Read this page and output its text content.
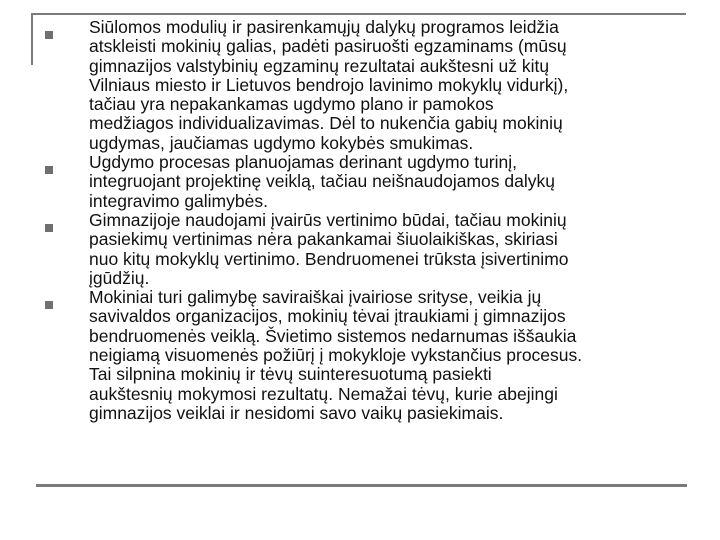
Siūlomos modulių ir pasirenkamųjų dalykų programos leidžia
atskleisti mokinių galias, padėti pasiruošti egzaminams (mūsų
gimnazijos valstybinių egzaminų rezultatai aukštesni už kitų
Vilniaus miesto ir Lietuvos bendrojo lavinimo mokyklų vidurkį),
tačiau yra nepakankamas ugdymo plano ir pamokos
medžiagos individualizavimas. Dėl to nukenčia gabių mokinių
ugdymas, jaučiamas ugdymo kokybės smukimas.
Ugdymo procesas planuojamas derinant ugdymo turinį,
integruojant projektinę veiklą, tačiau neišnaudojamos dalykų
integravimo galimybės.
Gimnazijoje naudojami įvairūs vertinimo būdai, tačiau mokinių
pasiekimų vertinimas nėra pakankamai šiuolaikiškas, skiriasi
nuo kitų mokyklų vertinimo. Bendruomenei trūksta įsivertinimo
įgūdžių.
Mokiniai turi galimybę saviraiškai įvairiose srityse, veikia jų
savivaldos organizacijos, mokinių tėvai įtraukiami į gimnazijos
bendruomenės veiklą. Švietimo sistemos nedarnumas iššaukia
neigiamą visuomenės požiūrį į mokykloje vykstančius procesus.
Tai silpnina mokinių ir tėvų suinteresuotumą pasiekti
aukštesnių mokymosi rezultatų. Nemažai tėvų, kurie abejingi
gimnazijos veiklai ir nesidomi savo vaikų pasiekimais.
